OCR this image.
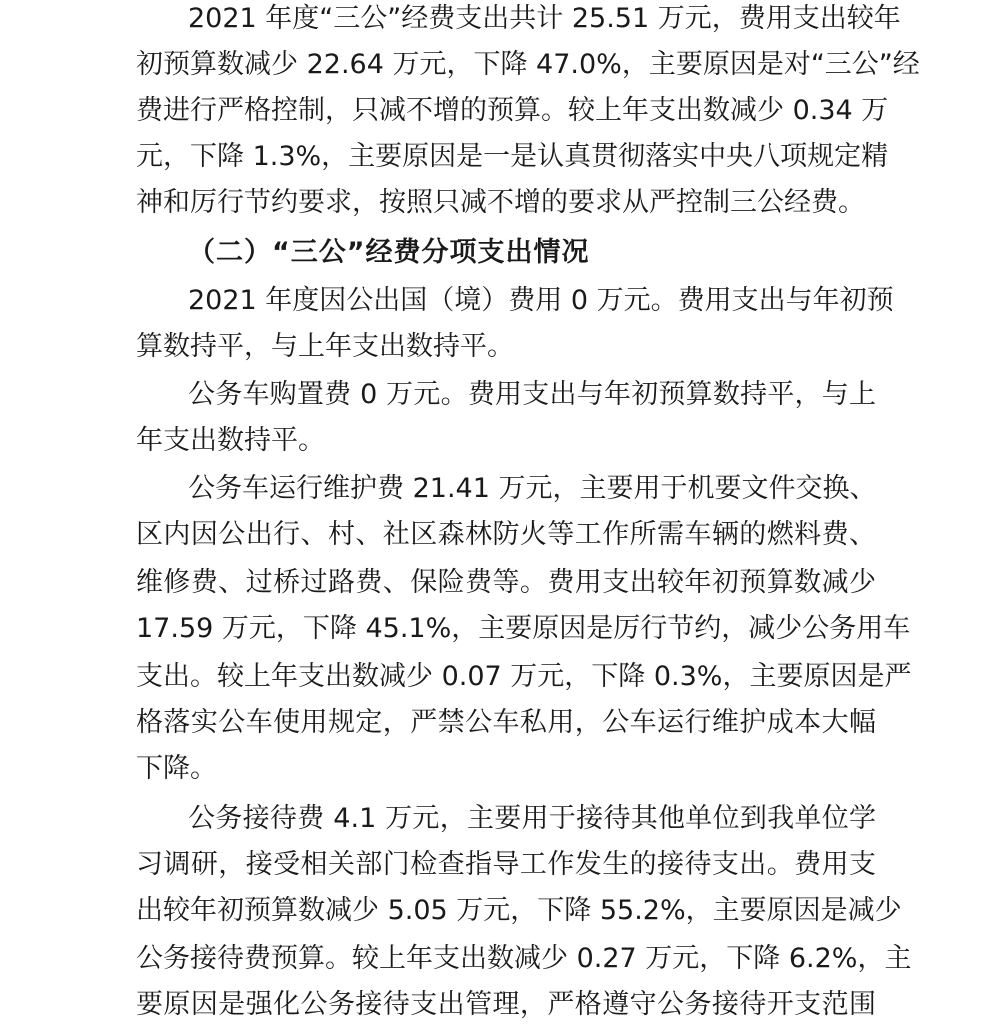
2021 年度“三公”经费支出共计 25.51 万元，费用支出较年
初预算数减少 22.64 万元，下降 47.0%，主要原因是对“三公”经
费进行严格控制，只减不增的预算。较上年支出数减少 0.34 万
元，下降 1.3%，主要原因是一是认真贯彻落实中央八项规定精
神和厉行节约要求，按照只减不增的要求从严控制三公经费。
（二）“三公”经费分项支出情况
2021 年度因公出国（境）费用 0 万元。费用支出与年初预
算数持平，与上年支出数持平。
公务车购置费 0 万元。费用支出与年初预算数持平，与上
年支出数持平。
公务车运行维护费 21.41 万元，主要用于机要文件交换、
区内因公出行、村、社区森林防火等工作所需车辆的燃料费、
维修费、过桥过路费、保险费等。费用支出较年初预算数减少
17.59 万元，下降 45.1%，主要原因是厉行节约，减少公务用车
支出。较上年支出数减少 0.07 万元，下降 0.3%，主要原因是严
格落实公车使用规定，严禁公车私用，公车运行维护成本大幅
下降。
公务接待费 4.1 万元，主要用于接待其他单位到我单位学
习调研，接受相关部门检查指导工作发生的接待支出。费用支
出较年初预算数减少 5.05 万元，下降 55.2%，主要原因是减少
公务接待费预算。较上年支出数减少 0.27 万元，下降 6.2%，主
要原因是强化公务接待支出管理，严格遵守公务接待开支范围
